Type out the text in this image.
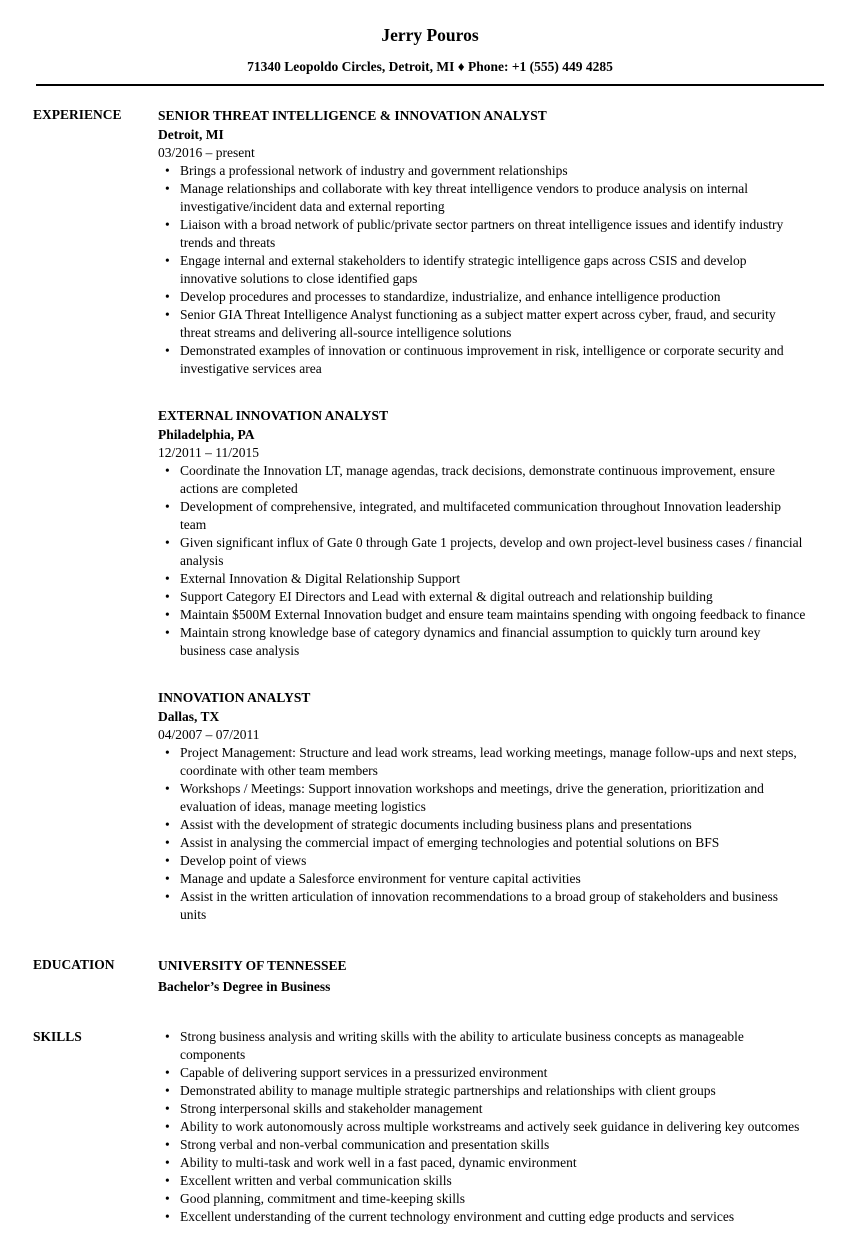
Jerry Pouros
71340 Leopoldo Circles, Detroit, MI ♦ Phone: +1 (555) 449 4285
EXPERIENCE	SENIOR THREAT INTELLIGENCE & INNOVATION ANALYST
Detroit, MI
03/2016 – present
• Brings a professional network of industry and government relationships
• Manage relationships and collaborate with key threat intelligence vendors to produce analysis on internal investigative/incident data and external reporting
• Liaison with a broad network of public/private sector partners on threat intelligence issues and identify industry trends and threats
• Engage internal and external stakeholders to identify strategic intelligence gaps across CSIS and develop innovative solutions to close identified gaps
• Develop procedures and processes to standardize, industrialize, and enhance intelligence production
• Senior GIA Threat Intelligence Analyst functioning as a subject matter expert across cyber, fraud, and security threat streams and delivering all-source intelligence solutions
• Demonstrated examples of innovation or continuous improvement in risk, intelligence or corporate security and investigative services area
EXTERNAL INNOVATION ANALYST
Philadelphia, PA
12/2011 – 11/2015
• Coordinate the Innovation LT, manage agendas, track decisions, demonstrate continuous improvement, ensure actions are completed
• Development of comprehensive, integrated, and multifaceted communication throughout Innovation leadership team
• Given significant influx of Gate 0 through Gate 1 projects, develop and own project-level business cases / financial analysis
• External Innovation & Digital Relationship Support
• Support Category EI Directors and Lead with external & digital outreach and relationship building
• Maintain $500M External Innovation budget and ensure team maintains spending with ongoing feedback to finance
• Maintain strong knowledge base of category dynamics and financial assumption to quickly turn around key business case analysis
INNOVATION ANALYST
Dallas, TX
04/2007 – 07/2011
• Project Management: Structure and lead work streams, lead working meetings, manage follow-ups and next steps, coordinate with other team members
• Workshops / Meetings: Support innovation workshops and meetings, drive the generation, prioritization and evaluation of ideas, manage meeting logistics
• Assist with the development of strategic documents including business plans and presentations
• Assist in analysing the commercial impact of emerging technologies and potential solutions on BFS
• Develop point of views
• Manage and update a Salesforce environment for venture capital activities
• Assist in the written articulation of innovation recommendations to a broad group of stakeholders and business units
EDUCATION	UNIVERSITY OF TENNESSEE
Bachelor’s Degree in Business
SKILLS	• Strong business analysis and writing skills with the ability to articulate business concepts as manageable components
• Capable of delivering support services in a pressurized environment
• Demonstrated ability to manage multiple strategic partnerships and relationships with client groups
• Strong interpersonal skills and stakeholder management
• Ability to work autonomously across multiple workstreams and actively seek guidance in delivering key outcomes
• Strong verbal and non-verbal communication and presentation skills
• Ability to multi-task and work well in a fast paced, dynamic environment
• Excellent written and verbal communication skills
• Good planning, commitment and time-keeping skills
• Excellent understanding of the current technology environment and cutting edge products and services
